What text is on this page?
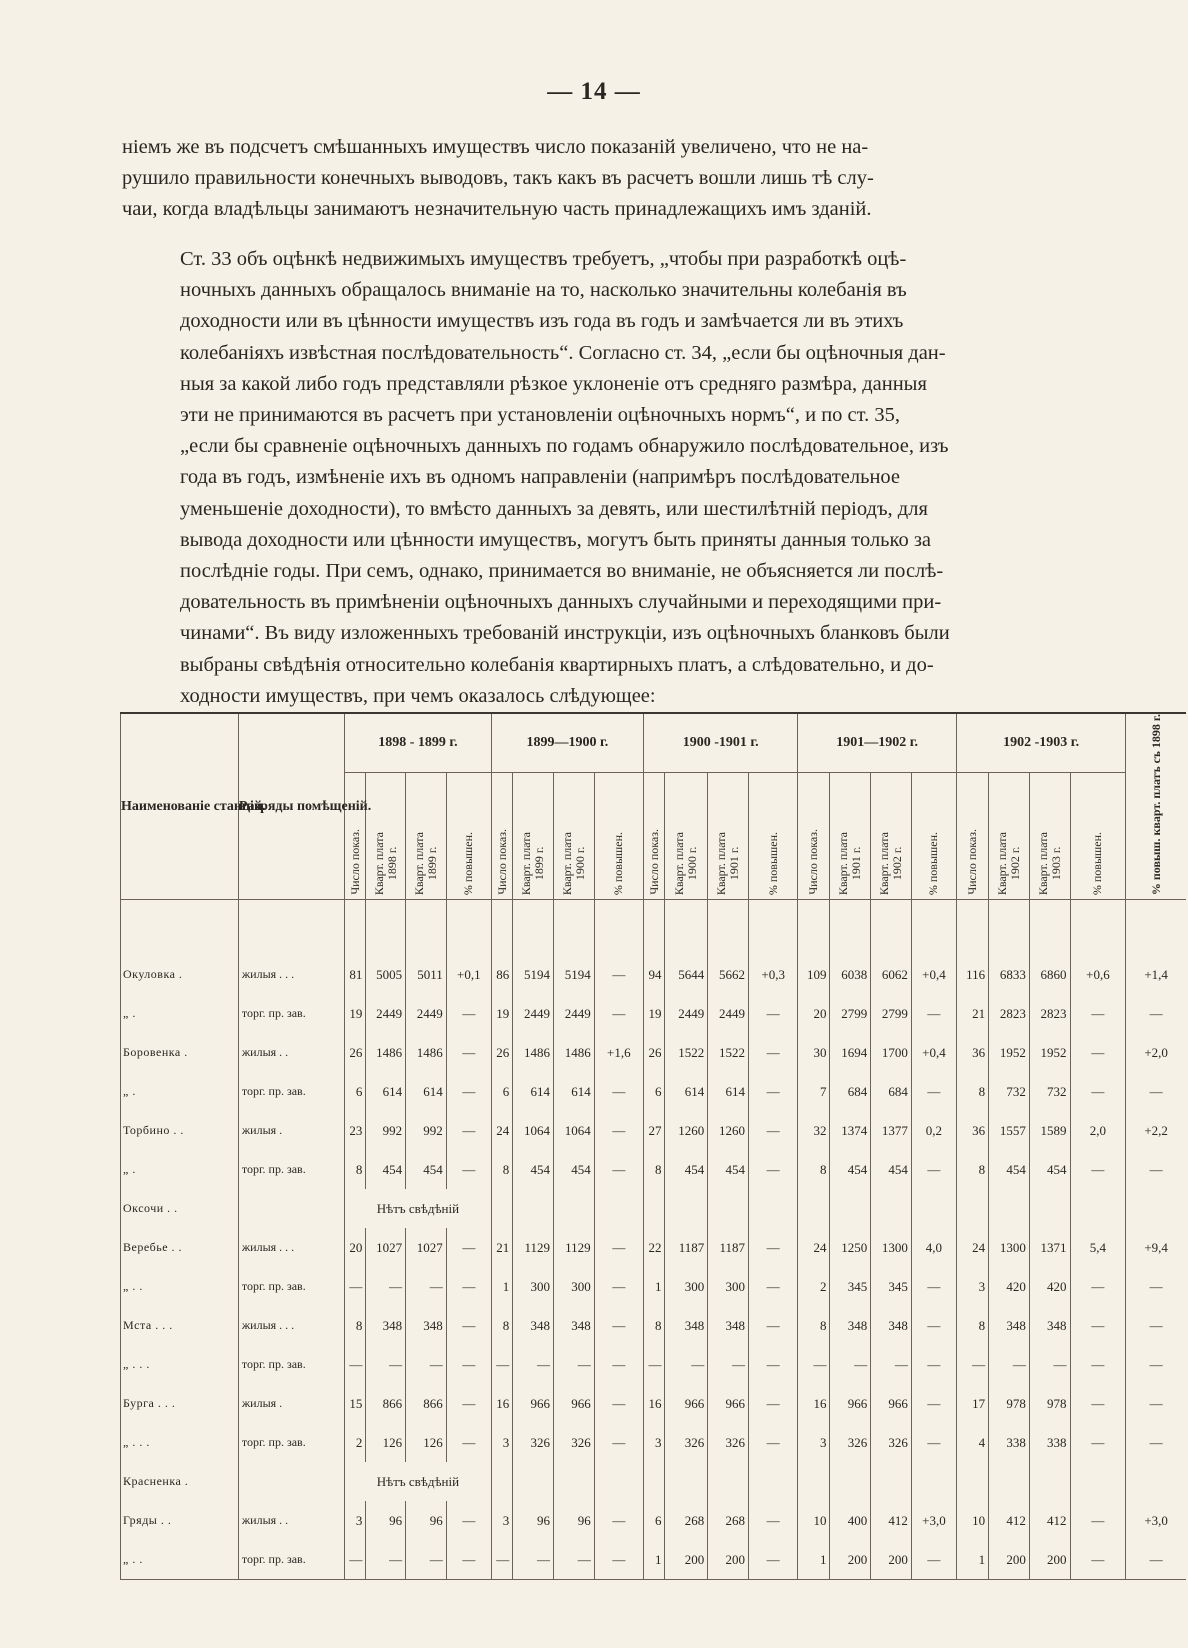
— 14 —
ніемъ же въ подсчетъ смѣшанныхъ имуществъ число показаній увеличено, что не на-
рушило правильности конечныхъ выводовъ, такъ какъ въ расчетъ вошли лишь тѣ слу-
чаи, когда владѣльцы занимаютъ незначительную часть принадлежащихъ имъ зданій.
Ст. 33 объ оцѣнкѣ недвижимыхъ имуществъ требуетъ, „чтобы при разработкѣ оцѣ-
ночныхъ данныхъ обращалось вниманіе на то, насколько значительны колебанія въ
доходности или въ цѣнности имуществъ изъ года въ годъ и замѣчается ли въ этихъ
колебаніяхъ извѣстная послѣдовательность“. Согласно ст. 34, „если бы оцѣночныя дан-
ныя за какой либо годъ представляли рѣзкое уклоненіе отъ средняго размѣра, данныя
эти не принимаются въ расчетъ при установленіи оцѣночныхъ нормъ“, и по ст. 35,
„если бы сравненіе оцѣночныхъ данныхъ по годамъ обнаружило послѣдовательное, изъ
года въ годъ, измѣненіе ихъ въ одномъ направленіи (напримѣръ послѣдовательное
уменьшеніе доходности), то вмѣсто данныхъ за девять, или шестилѣтній періодъ, для
вывода доходности или цѣнности имуществъ, могутъ быть приняты данныя только за
послѣдніе годы. При семъ, однако, принимается во вниманіе, не объясняется ли послѣ-
довательность въ примѣненіи оцѣночныхъ данныхъ случайными и переходящими при-
чинами“. Въ виду изложенныхъ требованій инструкціи, изъ оцѣночныхъ бланковъ были
выбраны свѣдѣнія относительно колебанія квартирныхъ платъ, а слѣдовательно, и до-
ходности имуществъ, при чемъ оказалось слѣдующее:
Наименованіе станцій.	Разряды помѣщеній.	1898 - 1899 г.				1899—1900 г.				1900 -1901 г.				1901—1902 г.				1902 -1903 г.				% повыш. кварт. платъ съ 1898 г.

		Число показ.	Кварт. плата
1898 г.	Кварт. плата
1899 г.	% повышен.	Число показ.	Кварт. плата
1899 г.	Кварт. плата
1900 г.	% повышен.	Число показ.	Кварт. плата
1900 г.	Кварт. плата
1901 г.	% повышен.	Число показ.	Кварт. плата
1901 г.	Кварт. плата
1902 г.	% повышен.	Число показ.	Кварт. плата
1902 г.	Кварт. плата
1903 г.	% повышен.	

Окуловка .	жилыя . . .	81	5005	5011	+0,1	86	5194	5194	—	94	5644	5662	+0,3	109	6038	6062	+0,4	116	6833	6860	+0,6	+1,4
„ .	торг. пр. зав.	19	2449	2449	—	19	2449	2449	—	19	2449	2449	—	20	2799	2799	—	21	2823	2823	—	—
Боровенка .	жилыя . .	26	1486	1486	—	26	1486	1486	+1,6	26	1522	1522	—	30	1694	1700	+0,4	36	1952	1952	—	+2,0
„ .	торг. пр. зав.	6	614	614	—	6	614	614	—	6	614	614	—	7	684	684	—	8	732	732	—	—
Торбино . .	жилыя .	23	992	992	—	24	1064	1064	—	27	1260	1260	—	32	1374	1377	0,2	36	1557	1589	2,0	+2,2
„ .	торг. пр. зав.	8	454	454	—	8	454	454	—	8	454	454	—	8	454	454	—	8	454	454	—	—
Оксочи . .		Нѣтъ свѣдѣній																				
Веребье . .	жилыя . . .	20	1027	1027	—	21	1129	1129	—	22	1187	1187	—	24	1250	1300	4,0	24	1300	1371	5,4	+9,4
„ . .	торг. пр. зав.	—	—	—	—	1	300	300	—	1	300	300	—	2	345	345	—	3	420	420	—	—
Мста . . .	жилыя . . .	8	348	348	—	8	348	348	—	8	348	348	—	8	348	348	—	8	348	348	—	—
„ . . .	торг. пр. зав.	—	—	—	—	—	—	—	—	—	—	—	—	—	—	—	—	—	—	—	—	—
Бурга . . .	жилыя .	15	866	866	—	16	966	966	—	16	966	966	—	16	966	966	—	17	978	978	—	—
„ . . .	торг. пр. зав.	2	126	126	—	3	326	326	—	3	326	326	—	3	326	326	—	4	338	338	—	—
Красненка .		Нѣтъ свѣдѣній																				
Гряды . .	жилыя . .	3	96	96	—	3	96	96	—	6	268	268	—	10	400	412	+3,0	10	412	412	—	+3,0
„ . .	торг. пр. зав.	—	—	—	—	—	—	—	—	1	200	200	—	1	200	200	—	1	200	200	—	—
